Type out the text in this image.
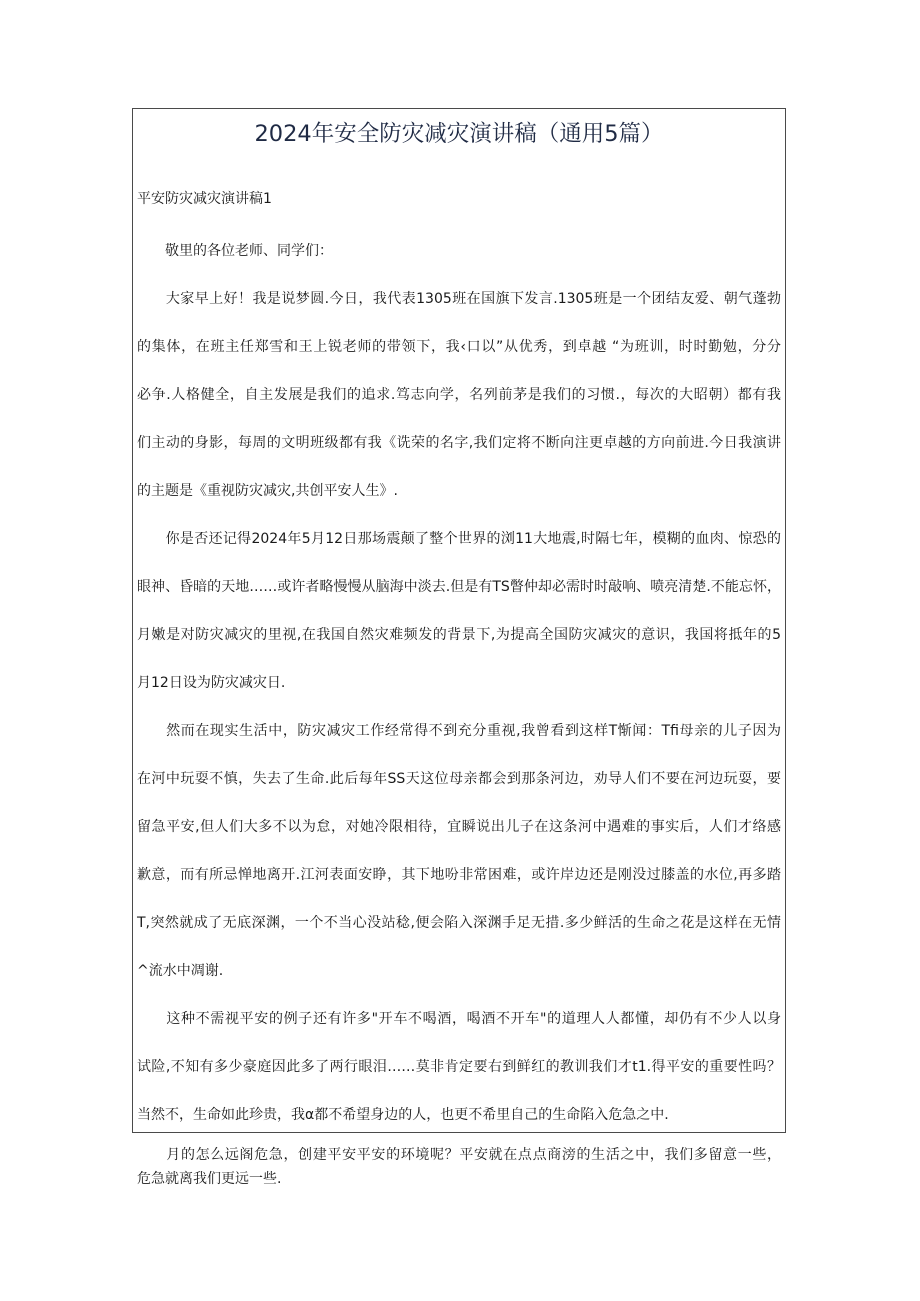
2024年安全防灾减灾演讲稿（通用5篇）
平安防灾减灾演讲稿1
　　敬里的各位老师、同学们：
　　大家早上好！我是说梦圆.今日，我代表1305班在国旗下发言.1305班是一个团结友爱、朝气蓬勃
的集体，在班主任郑雪和王上锐老师的带领下，我‹口以”从优秀，到卓越 “为班训，时时勤勉，分分
必争.人格健全，自主发展是我们的追求.笃志向学，名列前茅是我们的习惯.，每次的大昭朝）都有我
们主动的身影，每周的文明班级都有我《诜荣的名字,我们定将不断向注更卓越的方向前进.今日我演讲
的主题是《重视防灾减灾,共创平安人生》.
　　你是否还记得2024年5月12日那场震颠了整个世界的浏11大地震,时隔七年，模糊的血肉、惊恐的
眼神、昏暗的天地……或许者略慢慢从脑海中淡去.但是有TS瞥仲却必需时时敲响、喷亮清楚.不能忘怀，
月嫩是对防灾减灾的里视,在我国自然灾难频发的背景下,为提高全国防灾减灾的意识，我国将抵年的5
月12日设为防灾减灾日.
　　然而在现实生活中，防灾减灾工作经常得不到充分重视,我曾看到这样T惭闻：Tfi母亲的儿子因为
在河中玩耍不慎，失去了生命.此后每年SS天这位母亲都会到那条河边，劝导人们不要在河边玩耍，要
留急平安,但人们大多不以为怠，对她冷限相待，宜瞬说出儿子在这条河中遇难的事实后，人们才络感
歉意，而有所忌惮地离开.江河表面安睁，其下地吩非常困难，或许岸边还是刚没过膝盖的水位,再多踏
T,突然就成了无底深渊，一个不当心没站稔,便会陷入深渊手足无措.多少鲜活的生命之花是这样在无情
^流水中凋谢.
　　这种不需视平安的例子还有许多"开车不喝酒，喝酒不开车"的道理人人都懂，却仍有不少人以身
试险,不知有多少豪庭因此多了两行眼泪……莫非肯定要右到鲜红的教训我们才t1.得平安的重要性吗？
当然不，生命如此珍贵，我α都不希望身边的人，也更不希里自己的生命陷入危急之中.
　　月的怎么远阁危急，创建平安平安的环境呢？平安就在点点商滂的生活之中，我们多留意一些，
危急就离我们更远一些.
